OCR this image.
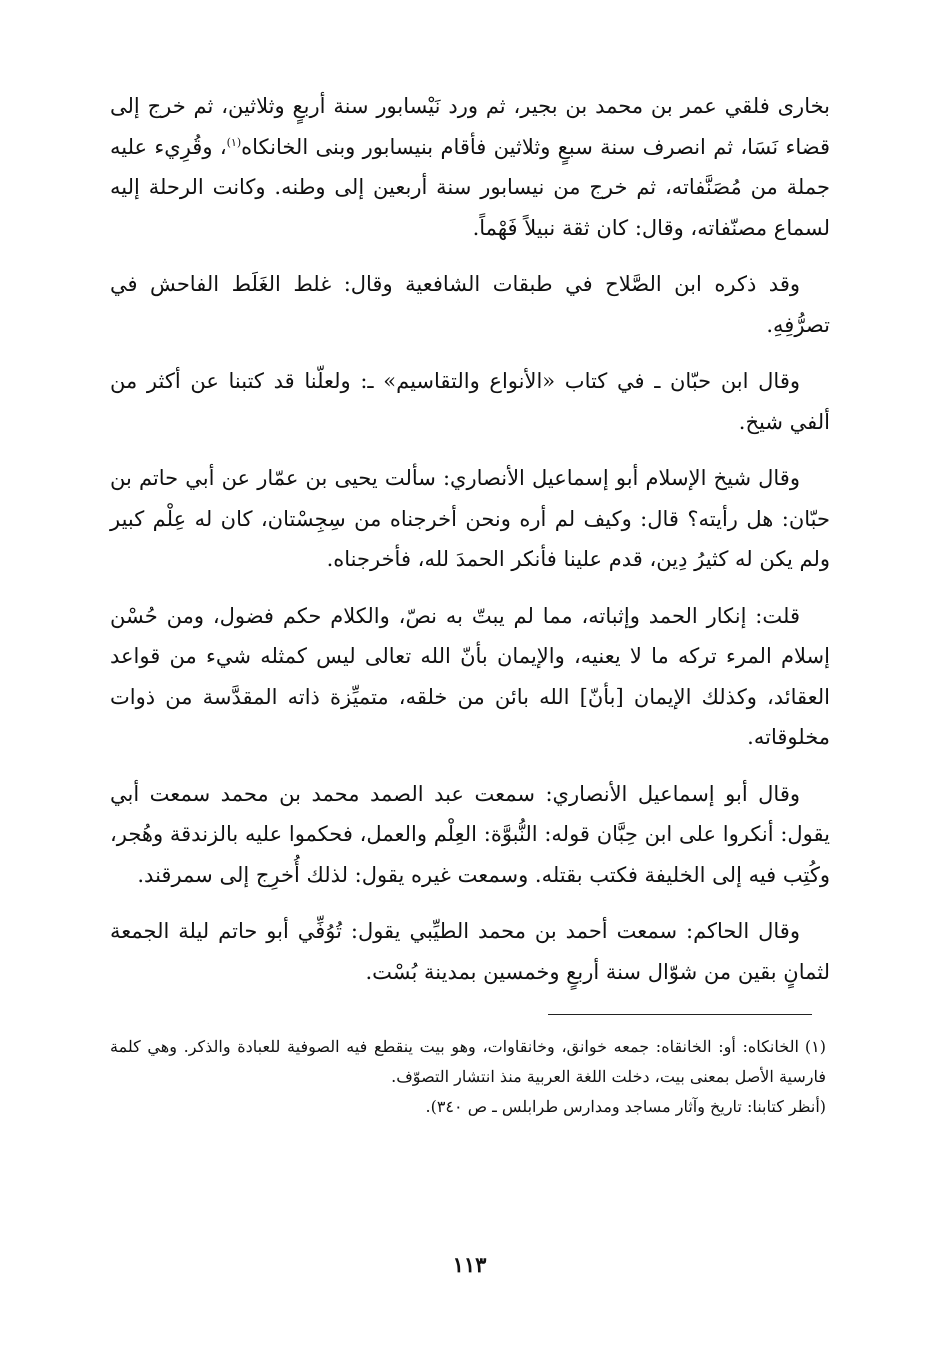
بخارى فلقي عمر بن محمد بن بجير، ثم ورد نَيْسابور سنة أربعٍ وثلاثين، ثم خرج إلى قضاء نَسَا، ثم انصرف سنة سبعٍ وثلاثين فأقام بنيسابور وبنى الخانكاه$^{(١)}$، وقُرِيء عليه جملة من مُصَنَّفاته، ثم خرج من نيسابور سنة أربعين إلى وطنه. وكانت الرحلة إليه لسماع مصنّفاته، وقال: كان ثقة نبيلاً فَهْماً.

وقد ذكره ابن الصَّلاح في طبقات الشافعية وقال: غلط الغَلَط الفاحش في تصرُّفِهِ.

وقال ابن حبّان ـ في كتاب «الأنواع والتقاسيم» ـ: ولعلّنا قد كتبنا عن أكثر من ألفي شيخ.

وقال شيخ الإسلام أبو إسماعيل الأنصاري: سألت يحيى بن عمّار عن أبي حاتم بن حبّان: هل رأيته؟ قال: وكيف لم أره ونحن أخرجناه من سِجِسْتان، كان له عِلْم كبير ولم يكن له كثيرُ دِين، قدم علينا فأنكر الحمدَ لله، فأخرجناه.

قلت: إنكار الحمد وإثباته، مما لم يبتّ به نصّ، والكلام حكم فضول، ومن حُسْن إسلام المرء تركه ما لا يعنيه، والإيمان بأنّ الله تعالى ليس كمثله شيء من قواعد العقائد، وكذلك الإيمان [بأنّ] الله بائن من خلقه، متميِّزة ذاته المقدَّسة من ذوات مخلوقاته.

وقال أبو إسماعيل الأنصاري: سمعت عبد الصمد محمد بن محمد سمعت أبي يقول: أنكروا على ابن حِبَّان قوله: النُّبوَّة: العِلْم والعمل، فحكموا عليه بالزندقة وهُجر، وكُتِب فيه إلى الخليفة فكتب بقتله. وسمعت غيره يقول: لذلك أُخرِج إلى سمرقند.

وقال الحاكم: سمعت أحمد بن محمد الطيِّبي يقول: تُوُفِّي أبو حاتم ليلة الجمعة لثمانٍ بقين من شوّال سنة أربعٍ وخمسين بمدينة بُسْت.

(١)الخانكاه: أو: الخانقاه: جمعه خوانق، وخانقاوات، وهو بيت ينقطع فيه الصوفية للعبادة والذكر. وهي كلمة فارسية الأصل بمعنى بيت، دخلت اللغة العربية منذ انتشار التصوّف.
(أنظر كتابنا: تاريخ وآثار مساجد ومدارس طرابلس ـ ص ٣٤٠).

١١٣
